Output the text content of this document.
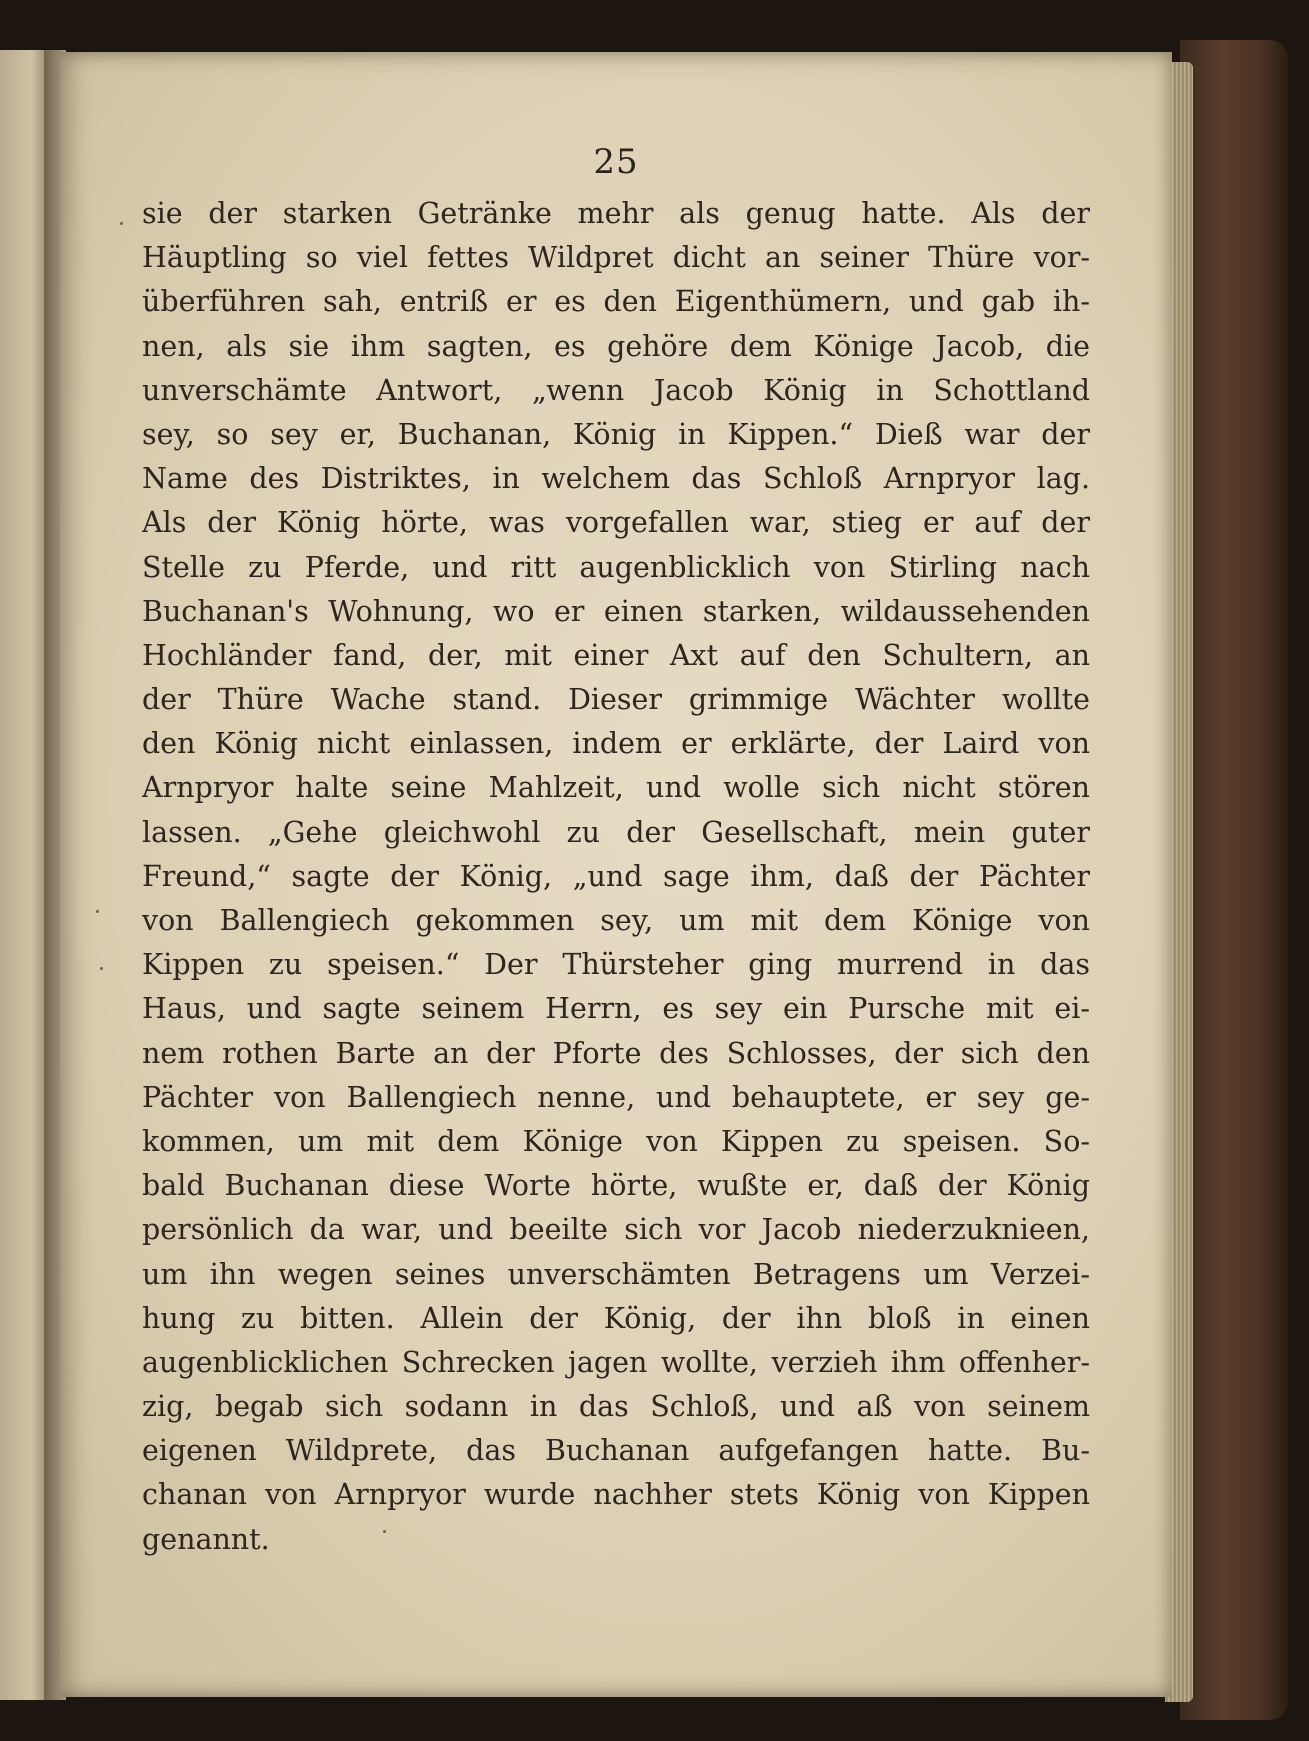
25
sie der starken Getränke mehr als genug hatte. Als der
Häuptling so viel fettes Wildpret dicht an seiner Thüre vor-
überführen sah, entriß er es den Eigenthümern, und gab ih-
nen, als sie ihm sagten, es gehöre dem Könige Jacob, die
unverschämte Antwort, „wenn Jacob König in Schottland
sey, so sey er, Buchanan, König in Kippen.“ Dieß war der
Name des Distriktes, in welchem das Schloß Arnpryor lag.
Als der König hörte, was vorgefallen war, stieg er auf der
Stelle zu Pferde, und ritt augenblicklich von Stirling nach
Buchanan's Wohnung, wo er einen starken, wildaussehenden
Hochländer fand, der, mit einer Axt auf den Schultern, an
der Thüre Wache stand. Dieser grimmige Wächter wollte
den König nicht einlassen, indem er erklärte, der Laird von
Arnpryor halte seine Mahlzeit, und wolle sich nicht stören
lassen. „Gehe gleichwohl zu der Gesellschaft, mein guter
Freund,“ sagte der König, „und sage ihm, daß der Pächter
von Ballengiech gekommen sey, um mit dem Könige von
Kippen zu speisen.“ Der Thürsteher ging murrend in das
Haus, und sagte seinem Herrn, es sey ein Pursche mit ei-
nem rothen Barte an der Pforte des Schlosses, der sich den
Pächter von Ballengiech nenne, und behauptete, er sey ge-
kommen, um mit dem Könige von Kippen zu speisen. So-
bald Buchanan diese Worte hörte, wußte er, daß der König
persönlich da war, und beeilte sich vor Jacob niederzuknieen,
um ihn wegen seines unverschämten Betragens um Verzei-
hung zu bitten. Allein der König, der ihn bloß in einen
augenblicklichen Schrecken jagen wollte, verzieh ihm offenher-
zig, begab sich sodann in das Schloß, und aß von seinem
eigenen Wildprete, das Buchanan aufgefangen hatte. Bu-
chanan von Arnpryor wurde nachher stets König von Kippen
genannt.
